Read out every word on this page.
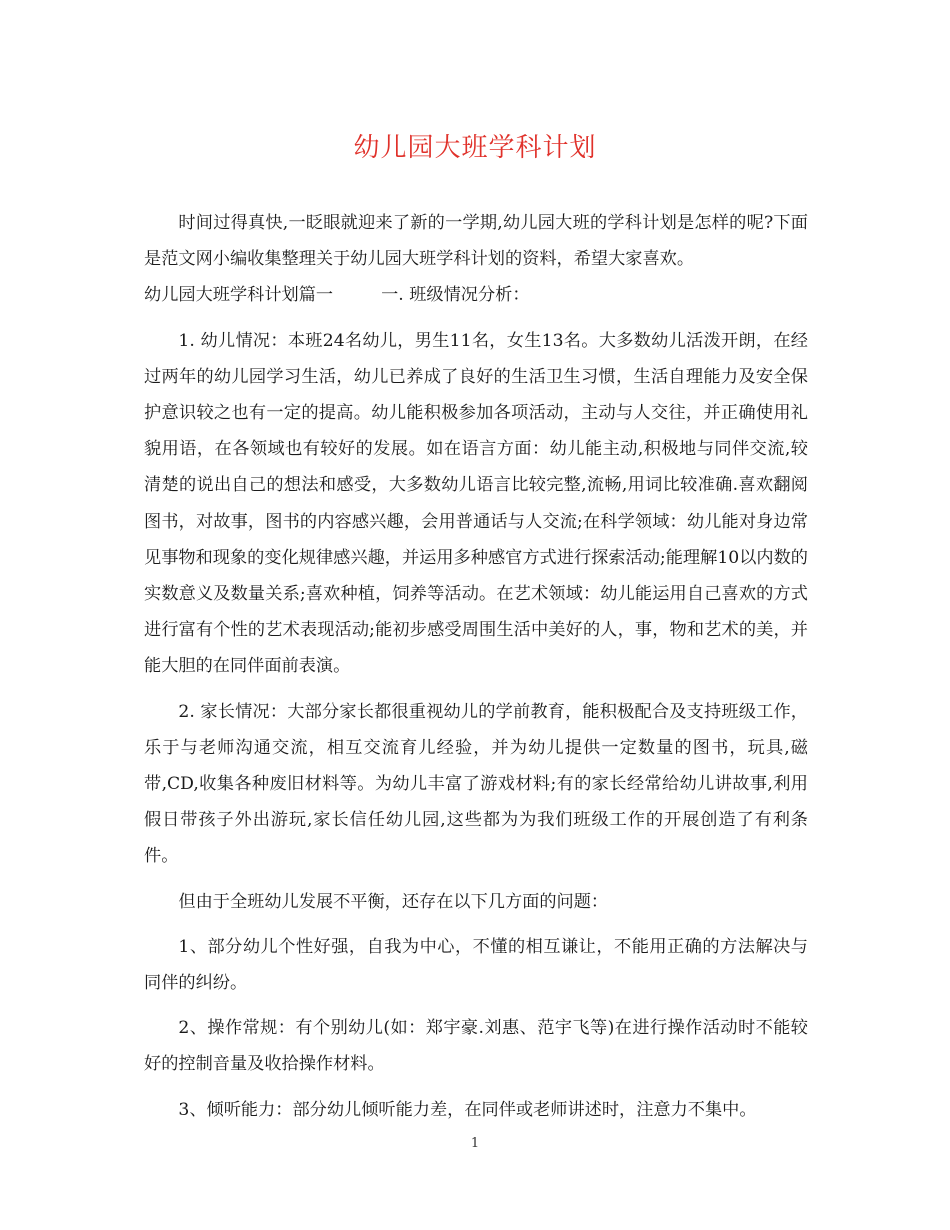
幼儿园大班学科计划

时间过得真快,一眨眼就迎来了新的一学期,幼儿园大班的学科计划是怎样的呢?下面是范文网小编收集整理关于幼儿园大班学科计划的资料，希望大家喜欢。

幼儿园大班学科计划篇一	一. 班级情况分析：

1. 幼儿情况：本班24名幼儿，男生11名，女生13名。大多数幼儿活泼开朗，在经过两年的幼儿园学习生活，幼儿已养成了良好的生活卫生习惯，生活自理能力及安全保护意识较之也有一定的提高。幼儿能积极参加各项活动，主动与人交往，并正确使用礼貌用语，在各领域也有较好的发展。如在语言方面：幼儿能主动,积极地与同伴交流,较清楚的说出自己的想法和感受，大多数幼儿语言比较完整,流畅,用词比较准确.喜欢翻阅图书，对故事，图书的内容感兴趣，会用普通话与人交流;在科学领域：幼儿能对身边常见事物和现象的变化规律感兴趣，并运用多种感官方式进行探索活动;能理解10以内数的实数意义及数量关系;喜欢种植，饲养等活动。在艺术领域：幼儿能运用自己喜欢的方式进行富有个性的艺术表现活动;能初步感受周围生活中美好的人，事，物和艺术的美，并能大胆的在同伴面前表演。

2. 家长情况：大部分家长都很重视幼儿的学前教育，能积极配合及支持班级工作，乐于与老师沟通交流，相互交流育儿经验，并为幼儿提供一定数量的图书，玩具,磁带,CD,收集各种废旧材料等。为幼儿丰富了游戏材料;有的家长经常给幼儿讲故事,利用假日带孩子外出游玩,家长信任幼儿园,这些都为为我们班级工作的开展创造了有利条件。

但由于全班幼儿发展不平衡，还存在以下几方面的问题：

1、部分幼儿个性好强，自我为中心，不懂的相互谦让，不能用正确的方法解决与同伴的纠纷。

2、操作常规：有个别幼儿(如：郑宇豪.刘惠、范宇飞等)在进行操作活动时不能较好的控制音量及收拾操作材料。

3、倾听能力：部分幼儿倾听能力差，在同伴或老师讲述时，注意力不集中。

1
